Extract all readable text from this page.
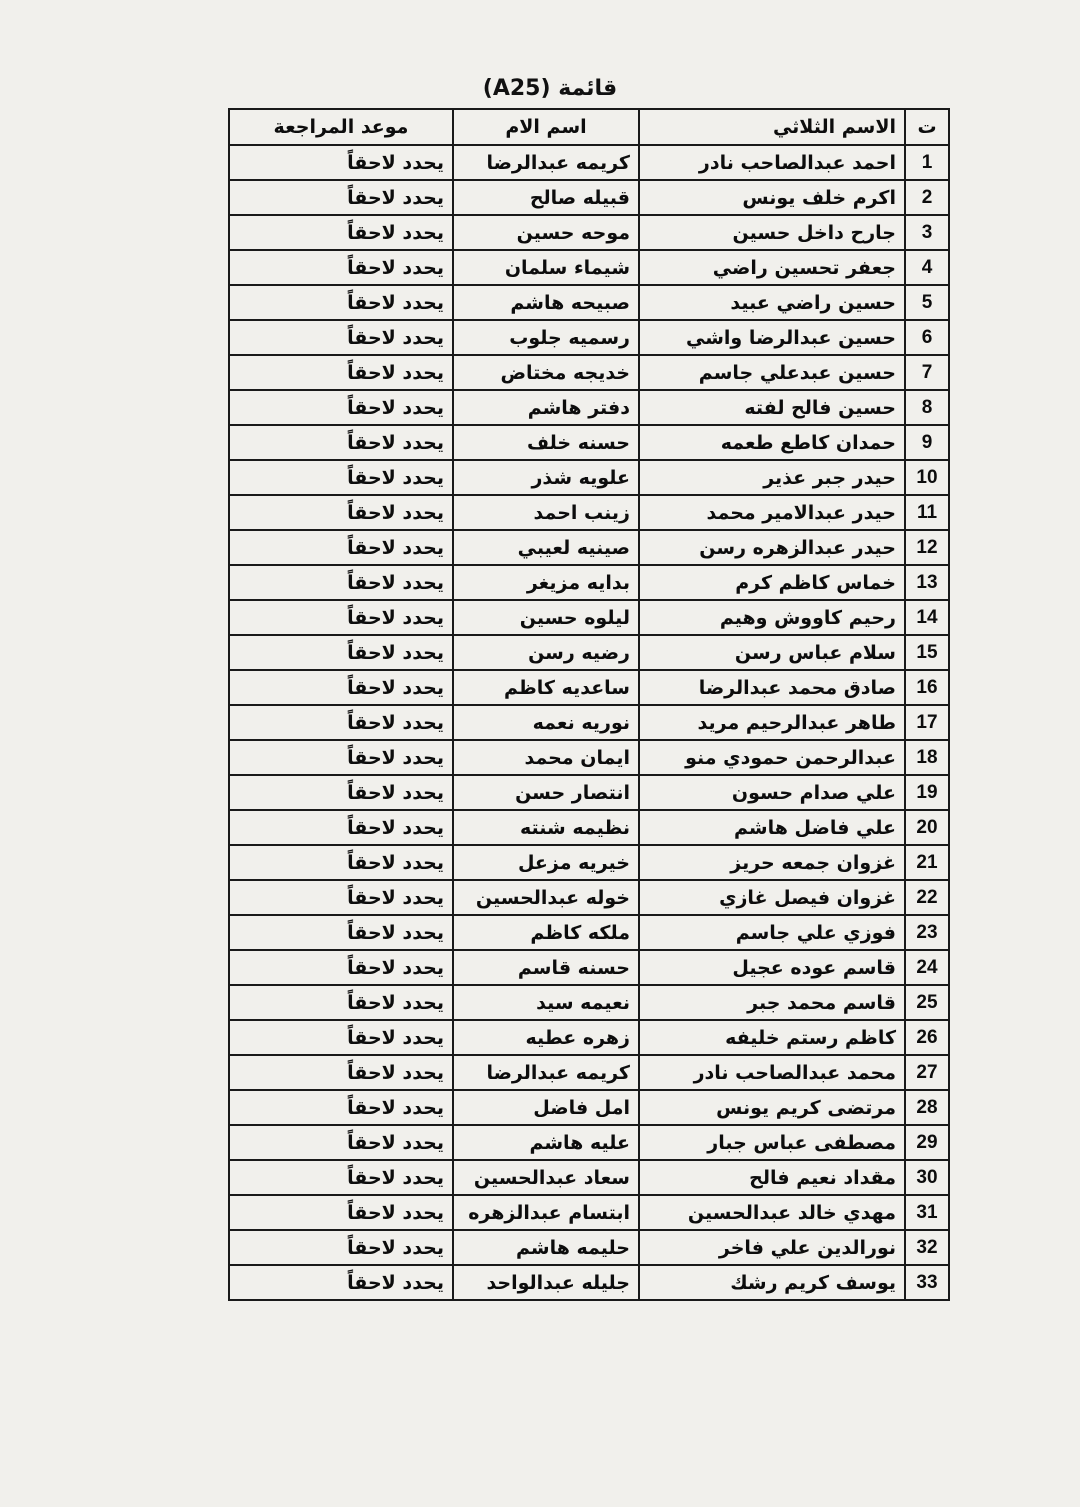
قائمة (A25)
ت	الاسم الثلاثي	اسم الام	موعد المراجعة
1	احمد عبدالصاحب نادر	كريمه عبدالرضا	يحدد لاحقاً
2	اكرم خلف يونس	قبيله صالح	يحدد لاحقاً
3	جارح داخل حسين	موحه حسين	يحدد لاحقاً
4	جعفر تحسين راضي	شيماء سلمان	يحدد لاحقاً
5	حسين راضي عبيد	صبيحه هاشم	يحدد لاحقاً
6	حسين عبدالرضا واشي	رسميه جلوب	يحدد لاحقاً
7	حسين عبدعلي جاسم	خديجه مختاض	يحدد لاحقاً
8	حسين فالح لفته	دفتر هاشم	يحدد لاحقاً
9	حمدان كاطع طعمه	حسنه خلف	يحدد لاحقاً
10	حيدر جبر عذير	علويه شذر	يحدد لاحقاً
11	حيدر عبدالامير محمد	زينب احمد	يحدد لاحقاً
12	حيدر عبدالزهره رسن	صينيه لعيبي	يحدد لاحقاً
13	خماس كاظم كرم	بدايه مزيغر	يحدد لاحقاً
14	رحيم كاووش وهيم	ليلوه حسين	يحدد لاحقاً
15	سلام عباس رسن	رضيه رسن	يحدد لاحقاً
16	صادق محمد عبدالرضا	ساعديه كاظم	يحدد لاحقاً
17	طاهر عبدالرحيم مريد	نوريه نعمه	يحدد لاحقاً
18	عبدالرحمن حمودي منو	ايمان محمد	يحدد لاحقاً
19	علي صدام حسون	انتصار حسن	يحدد لاحقاً
20	علي فاضل هاشم	نظيمه شنته	يحدد لاحقاً
21	غزوان جمعه حريز	خيريه مزعل	يحدد لاحقاً
22	غزوان فيصل غازي	خوله عبدالحسين	يحدد لاحقاً
23	فوزي علي جاسم	ملكه كاظم	يحدد لاحقاً
24	قاسم عوده عجيل	حسنه قاسم	يحدد لاحقاً
25	قاسم محمد جبر	نعيمه سيد	يحدد لاحقاً
26	كاظم رستم خليفه	زهره عطيه	يحدد لاحقاً
27	محمد عبدالصاحب نادر	كريمه عبدالرضا	يحدد لاحقاً
28	مرتضى كريم يونس	امل فاضل	يحدد لاحقاً
29	مصطفى عباس جبار	عليه هاشم	يحدد لاحقاً
30	مقداد نعيم فالح	سعاد عبدالحسين	يحدد لاحقاً
31	مهدي خالد عبدالحسين	ابتسام عبدالزهره	يحدد لاحقاً
32	نورالدين علي فاخر	حليمه هاشم	يحدد لاحقاً
33	يوسف كريم رشك	جليله عبدالواحد	يحدد لاحقاً
